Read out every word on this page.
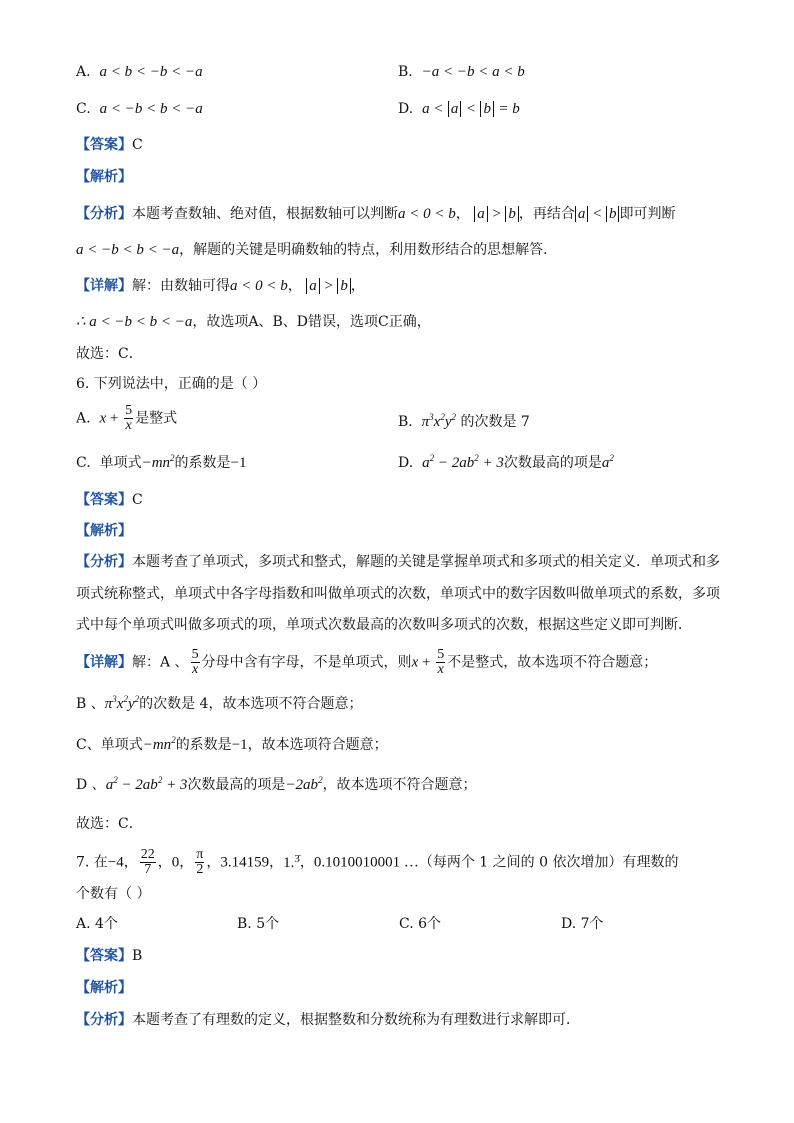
A. a < b < −b < −a	B. −a < −b < a < b
C. a < −b < b < −a	D. a < a < b = b
【答案】C
【解析】
【分析】本题考查数轴、绝对值，根据数轴可以判断a < 0 < b， a > b ，再结合 a < b 即可判断
a < −b < b < −a，解题的关键是明确数轴的特点，利用数形结合的思想解答．
【详解】解：由数轴可得a < 0 < b， a > b ，
∴ a < −b < b < −a，故选项A、B、D错误，选项C正确，
故选：C．
6. 下列说法中，正确的是（ ）
A. $x + \frac{5}{x}$ 是整式	B. $\pi^3x^2y^2$ 的次数是 7
C. 单项式$-mn^2$的系数是−1	D. $a^2 - 2ab^2 + 3$次数最高的项是$a^2$
【答案】C
【解析】
【分析】本题考查了单项式，多项式和整式，解题的关键是掌握单项式和多项式的相关定义．单项式和多
项式统称整式，单项式中各字母指数和叫做单项式的次数，单项式中的数字因数叫做单项式的系数，多项
式中每个单项式叫做多项式的项，单项式次数最高的次数叫多项式的次数，根据这些定义即可判断．
【详解】解：A 、 $\frac{5}{x}$ 分母中含有字母，不是单项式，则$x + \frac{5}{x}$ 不是整式，故本选项不符合题意；
B 、$\pi^3x^2y^2$的次数是 4，故本选项不符合题意；
C、单项式$-mn^2$的系数是−1，故本选项符合题意；
D 、$a^2 - 2ab^2 + 3$次数最高的项是$-2ab^2$，故本选项不符合题意；
故选：C．
7. 在−4， $\frac{22}{7}$ ，0， $\frac{\pi}{2}$ ，3.14159，1.$^{3̇}$，0.1010010001 …（每两个 1 之间的 0 依次增加）有理数的
个数有（ ）
A. 4个	B. 5个	C. 6个	D. 7个
【答案】B
【解析】
【分析】本题考查了有理数的定义，根据整数和分数统称为有理数进行求解即可．
